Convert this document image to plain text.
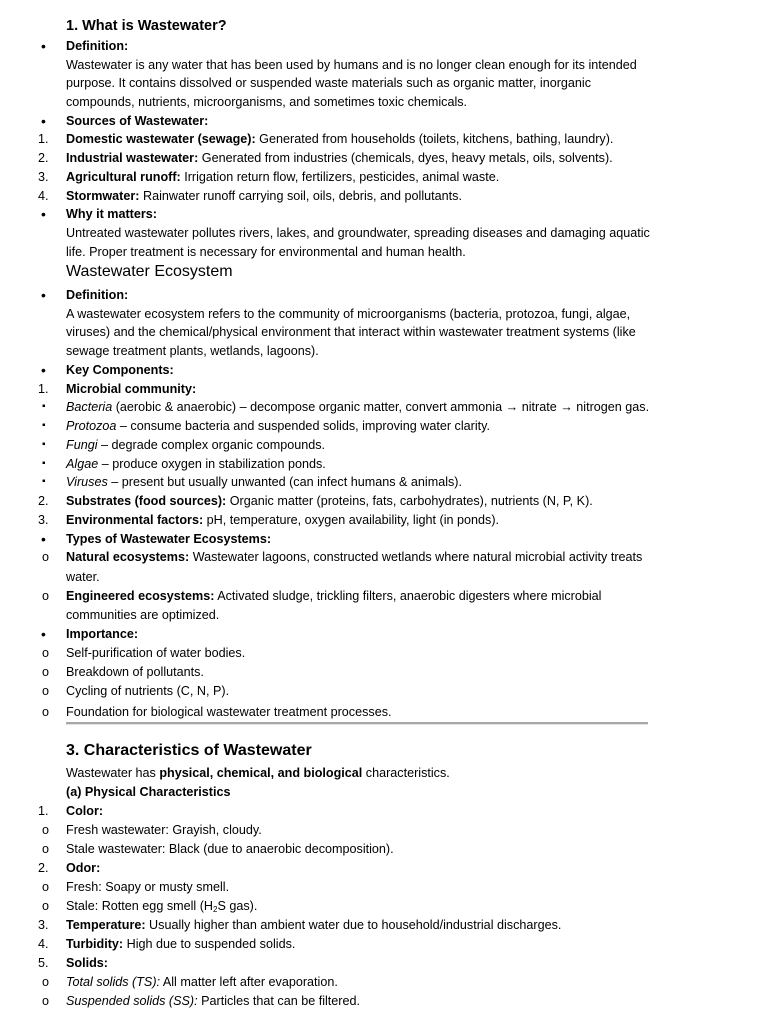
1. What is Wastewater?
•	Definition:
Wastewater is any water that has been used by humans and is no longer clean enough for its intended
purpose. It contains dissolved or suspended waste materials such as organic matter, inorganic
compounds, nutrients, microorganisms, and sometimes toxic chemicals.
•	Sources of Wastewater:
1.	Domestic wastewater (sewage): Generated from households (toilets, kitchens, bathing, laundry).
2.	Industrial wastewater: Generated from industries (chemicals, dyes, heavy metals, oils, solvents).
3.	Agricultural runoff: Irrigation return flow, fertilizers, pesticides, animal waste.
4.	Stormwater: Rainwater runoff carrying soil, oils, debris, and pollutants.
•	Why it matters:
Untreated wastewater pollutes rivers, lakes, and groundwater, spreading diseases and damaging aquatic
life. Proper treatment is necessary for environmental and human health.
Wastewater Ecosystem
•	Definition:
A wastewater ecosystem refers to the community of microorganisms (bacteria, protozoa, fungi, algae,
viruses) and the chemical/physical environment that interact within wastewater treatment systems (like
sewage treatment plants, wetlands, lagoons).
•	Key Components:
1.	Microbial community:
▪	Bacteria (aerobic & anaerobic) – decompose organic matter, convert ammonia → nitrate → nitrogen gas.
▪	Protozoa – consume bacteria and suspended solids, improving water clarity.
▪	Fungi – degrade complex organic compounds.
▪	Algae – produce oxygen in stabilization ponds.
▪	Viruses – present but usually unwanted (can infect humans & animals).
2.	Substrates (food sources): Organic matter (proteins, fats, carbohydrates), nutrients (N, P, K).
3.	Environmental factors: pH, temperature, oxygen availability, light (in ponds).
•	Types of Wastewater Ecosystems:
o	Natural ecosystems: Wastewater lagoons, constructed wetlands where natural microbial activity treats
water.
o	Engineered ecosystems: Activated sludge, trickling filters, anaerobic digesters where microbial
communities are optimized.
•	Importance:
o	Self-purification of water bodies.
o	Breakdown of pollutants.
o	Cycling of nutrients (C, N, P).
o	Foundation for biological wastewater treatment processes.
3. Characteristics of Wastewater
Wastewater has physical, chemical, and biological characteristics.
(a) Physical Characteristics
1.	Color:
o	Fresh wastewater: Grayish, cloudy.
o	Stale wastewater: Black (due to anaerobic decomposition).
2.	Odor:
o	Fresh: Soapy or musty smell.
o	Stale: Rotten egg smell ($H_2S$ gas).
3.	Temperature: Usually higher than ambient water due to household/industrial discharges.
4.	Turbidity: High due to suspended solids.
5.	Solids:
o	Total solids (TS): All matter left after evaporation.
o	Suspended solids (SS): Particles that can be filtered.
